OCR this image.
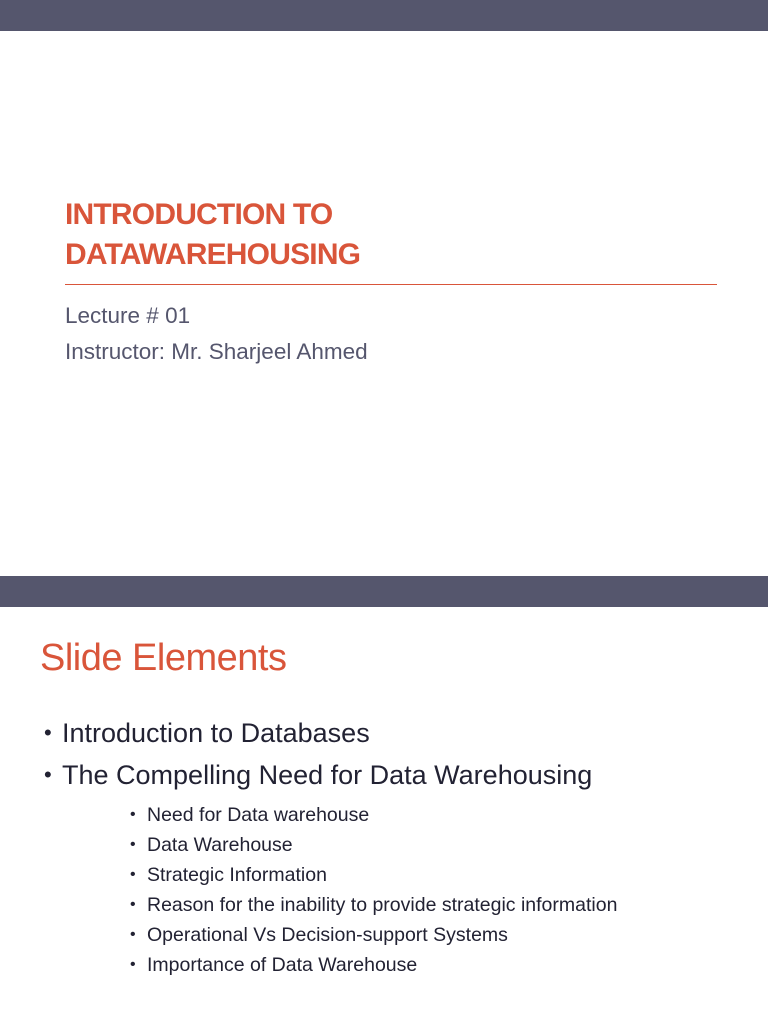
INTRODUCTION TO
DATAWAREHOUSING
Lecture # 01
Instructor: Mr. Sharjeel Ahmed
Slide Elements
• Introduction to Databases
• The Compelling Need for Data Warehousing
• Need for Data warehouse
• Data Warehouse
• Strategic Information
• Reason for the inability to provide strategic information
• Operational Vs Decision-support Systems
• Importance of Data Warehouse
